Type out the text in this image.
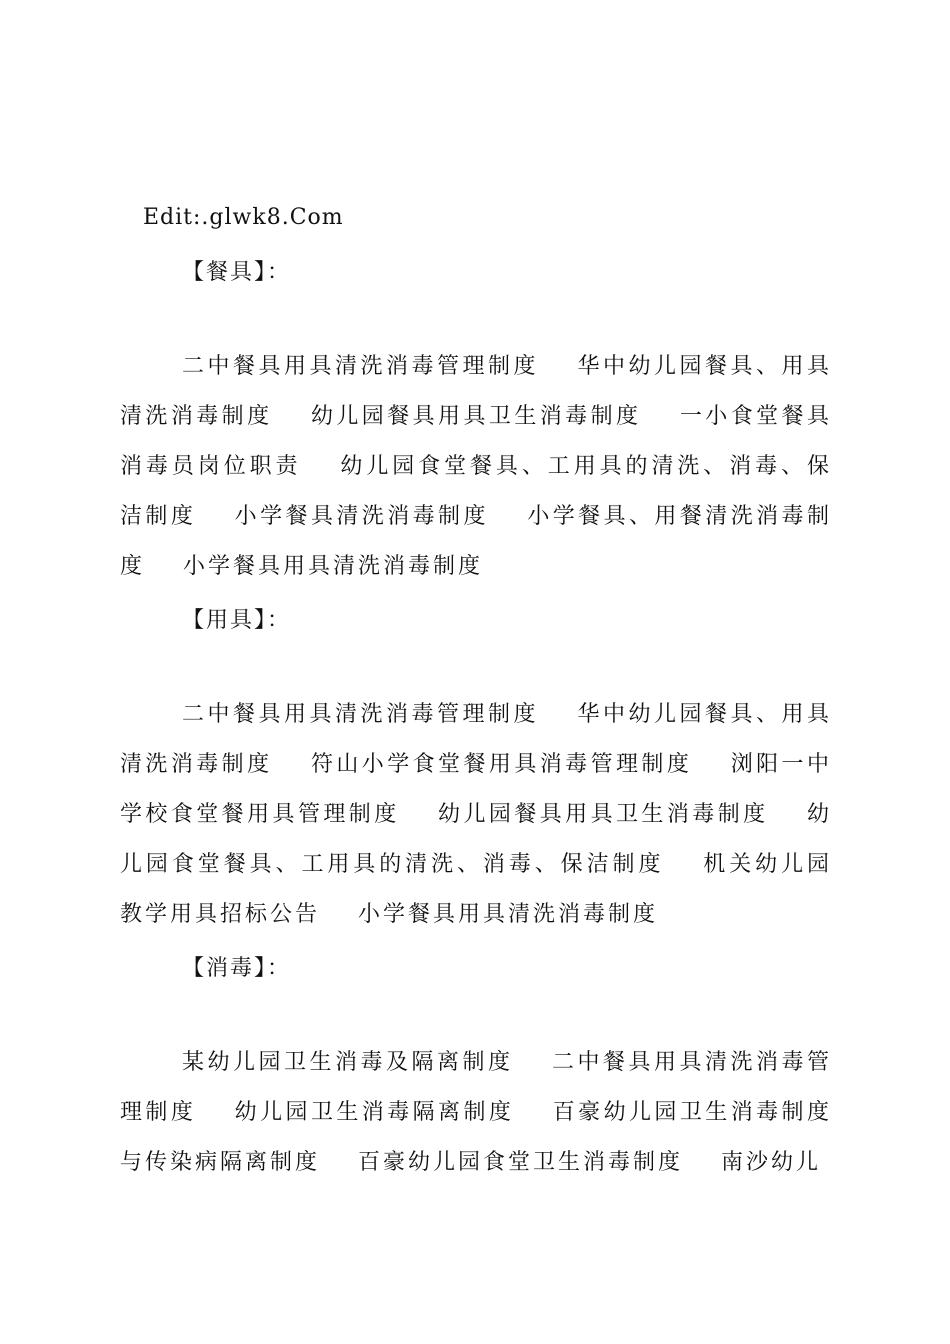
Edit:.glwk8.Com
【餐具】：
二中餐具用具清洗消毒管理制度 华中幼儿园餐具、用具清洗消毒制度 幼儿园餐具用具卫生消毒制度 一小食堂餐具消毒员岗位职责 幼儿园食堂餐具、工用具的清洗、消毒、保洁制度 小学餐具清洗消毒制度 小学餐具、用餐清洗消毒制度 小学餐具用具清洗消毒制度
【用具】：
二中餐具用具清洗消毒管理制度 华中幼儿园餐具、用具清洗消毒制度 符山小学食堂餐用具消毒管理制度 浏阳一中学校食堂餐用具管理制度 幼儿园餐具用具卫生消毒制度 幼儿园食堂餐具、工用具的清洗、消毒、保洁制度 机关幼儿园教学用具招标公告 小学餐具用具清洗消毒制度
【消毒】：
某幼儿园卫生消毒及隔离制度 二中餐具用具清洗消毒管理制度 幼儿园卫生消毒隔离制度 百豪幼儿园卫生消毒制度与传染病隔离制度 百豪幼儿园食堂卫生消毒制度 南沙幼儿
